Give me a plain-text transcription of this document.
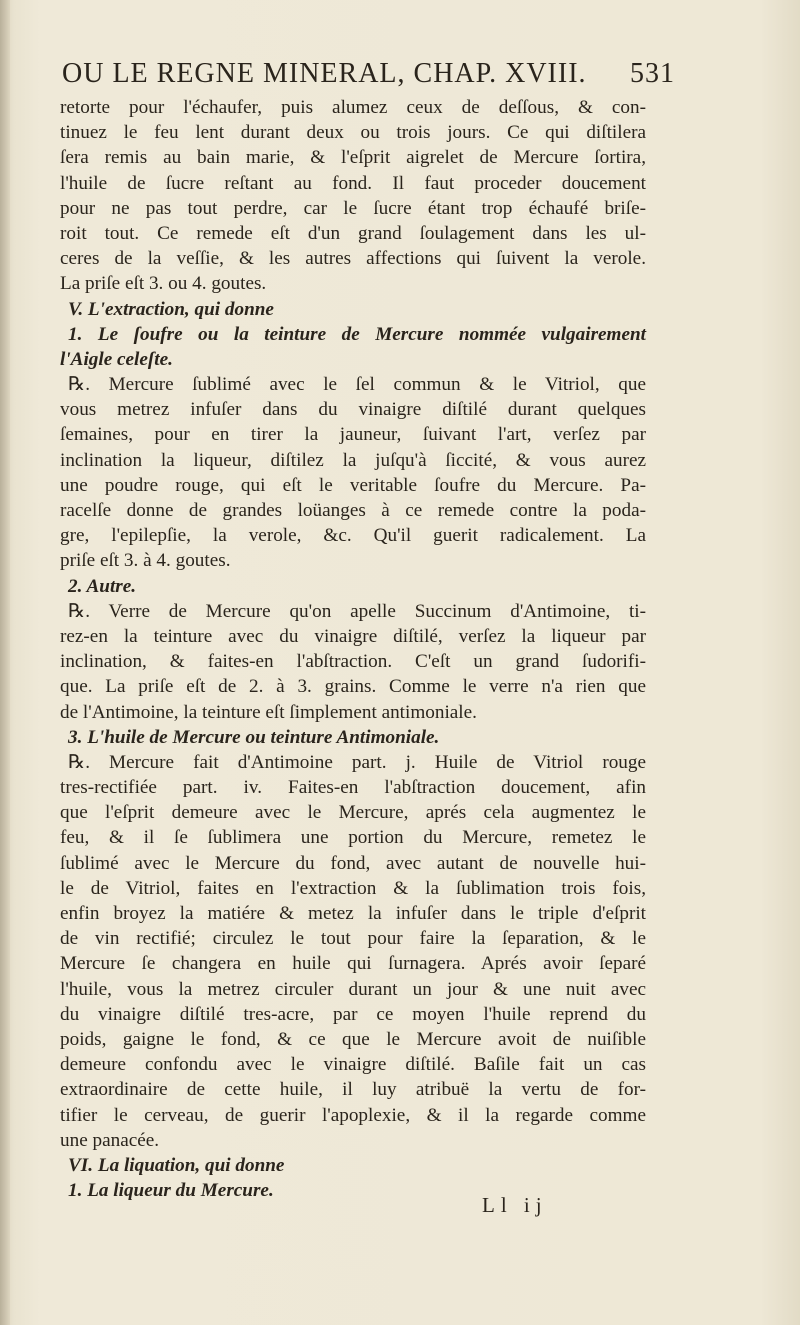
OU LE REGNE MINERAL, CHAP. XVIII. 531
retorte pour l'échaufer, puis alumez ceux de deſſous, & con-
tinuez le feu lent durant deux ou trois jours. Ce qui diſtilera
ſera remis au bain marie, & l'eſprit aigrelet de Mercure ſortira,
l'huile de ſucre reſtant au fond. Il faut proceder doucement
pour ne pas tout perdre, car le ſucre étant trop échaufé briſe-
roit tout. Ce remede eſt d'un grand ſoulagement dans les ul-
ceres de la veſſie, & les autres affections qui ſuivent la verole.
La priſe eſt 3. ou 4. goutes.
V. L'extraction, qui donne
1. Le ſoufre ou la teinture de Mercure nommée vulgairement
l'Aigle celeſte.
℞. Mercure ſublimé avec le ſel commun & le Vitriol, que
vous metrez infuſer dans du vinaigre diſtilé durant quelques
ſemaines, pour en tirer la jauneur, ſuivant l'art, verſez par
inclination la liqueur, diſtilez la juſqu'à ſiccité, & vous aurez
une poudre rouge, qui eſt le veritable ſoufre du Mercure. Pa-
racelſe donne de grandes loüanges à ce remede contre la poda-
gre, l'epilepſie, la verole, &c. Qu'il guerit radicalement. La
priſe eſt 3. à 4. goutes.
2. Autre.
℞. Verre de Mercure qu'on apelle Succinum d'Antimoine, ti-
rez-en la teinture avec du vinaigre diſtilé, verſez la liqueur par
inclination, & faites-en l'abſtraction. C'eſt un grand ſudorifi-
que. La priſe eſt de 2. à 3. grains. Comme le verre n'a rien que
de l'Antimoine, la teinture eſt ſimplement antimoniale.
3. L'huile de Mercure ou teinture Antimoniale.
℞. Mercure fait d'Antimoine part. j. Huile de Vitriol rouge
tres-rectifiée part. iv. Faites-en l'abſtraction doucement, afin
que l'eſprit demeure avec le Mercure, aprés cela augmentez le
feu, & il ſe ſublimera une portion du Mercure, remetez le
ſublimé avec le Mercure du fond, avec autant de nouvelle hui-
le de Vitriol, faites en l'extraction & la ſublimation trois fois,
enfin broyez la matiére & metez la infuſer dans le triple d'eſprit
de vin rectifié; circulez le tout pour faire la ſeparation, & le
Mercure ſe changera en huile qui ſurnagera. Aprés avoir ſeparé
l'huile, vous la metrez circuler durant un jour & une nuit avec
du vinaigre diſtilé tres-acre, par ce moyen l'huile reprend du
poids, gaigne le fond, & ce que le Mercure avoit de nuiſible
demeure confondu avec le vinaigre diſtilé. Baſile fait un cas
extraordinaire de cette huile, il luy atribuë la vertu de for-
tifier le cerveau, de guerir l'apoplexie, & il la regarde comme
une panacée.
VI. La liquation, qui donne
1. La liqueur du Mercure.
Ll ij
